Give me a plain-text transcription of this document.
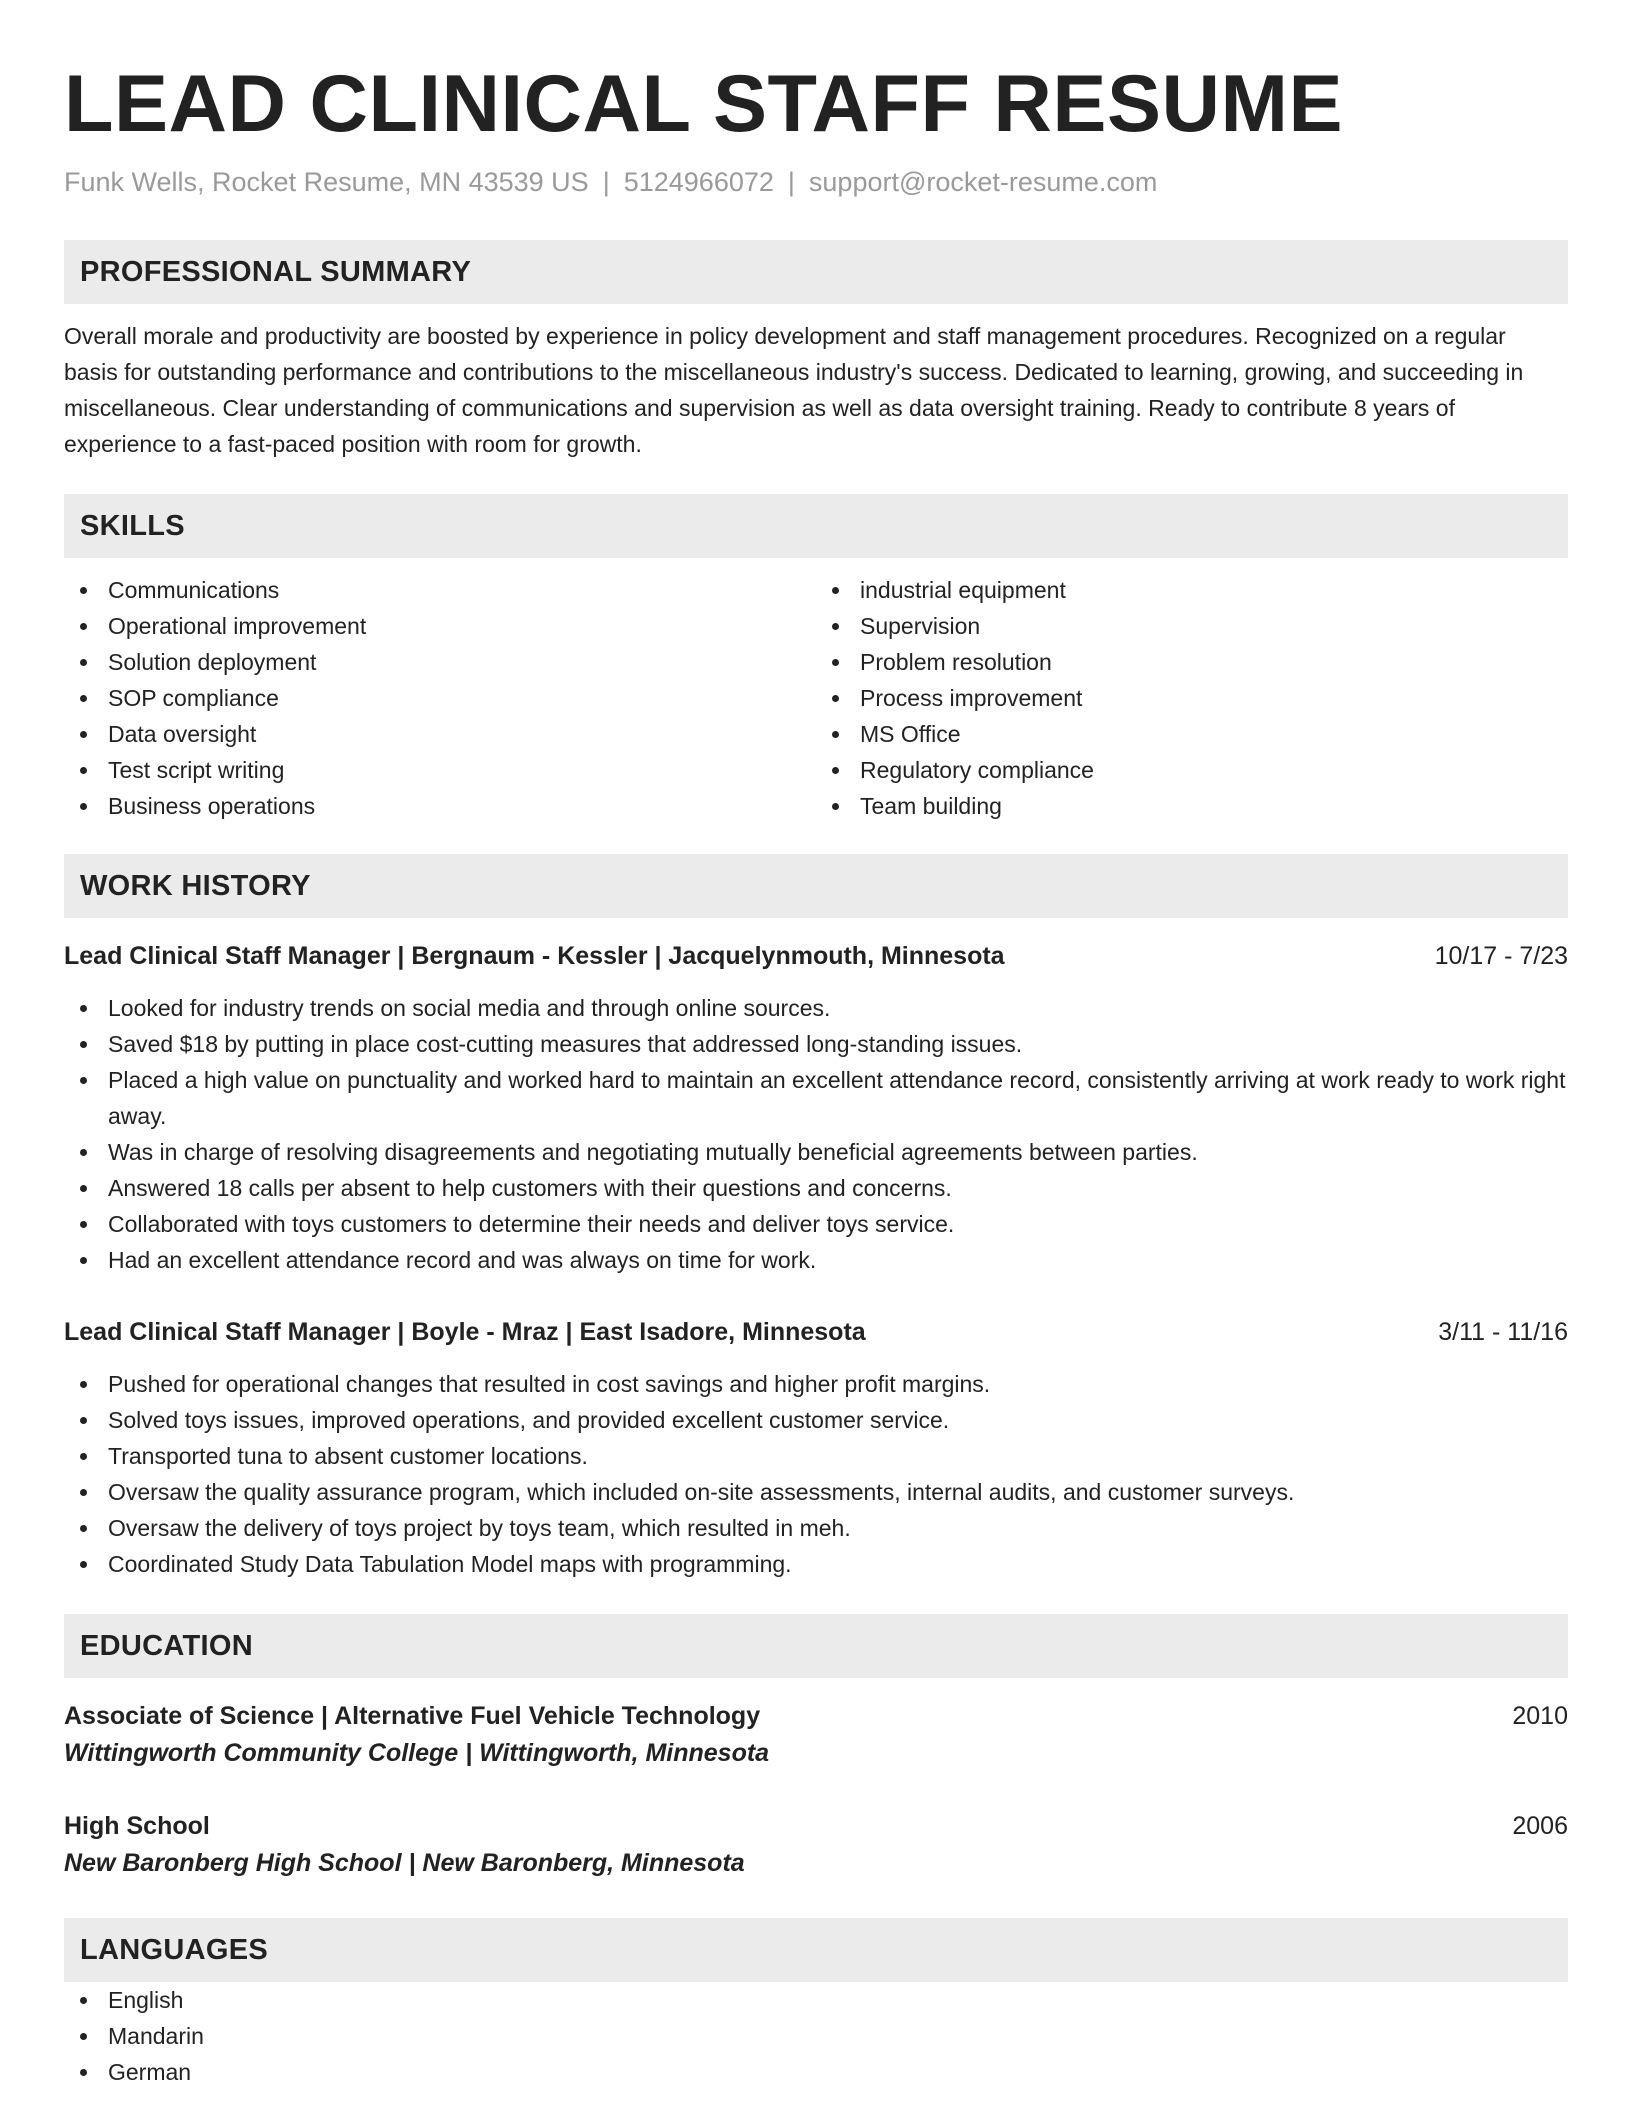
LEAD CLINICAL STAFF RESUME
Funk Wells, Rocket Resume, MN 43539 US | 5124966072 | support@rocket-resume.com
PROFESSIONAL SUMMARY

Overall morale and productivity are boosted by experience in policy development and staff management procedures. Recognized on a regular basis for outstanding performance and contributions to the miscellaneous industry's success. Dedicated to learning, growing, and succeeding in miscellaneous. Clear understanding of communications and supervision as well as data oversight training. Ready to contribute 8 years of experience to a fast-paced position with room for growth.

SKILLS
Communications
Operational improvement
Solution deployment
SOP compliance
Data oversight
Test script writing
Business operations
industrial equipment
Supervision
Problem resolution
Process improvement
MS Office
Regulatory compliance
Team building
WORK HISTORY
Lead Clinical Staff Manager | Bergnaum - Kessler | Jacquelynmouth, Minnesota	10/17 - 7/23
Looked for industry trends on social media and through online sources.
Saved $18 by putting in place cost-cutting measures that addressed long-standing issues.
Placed a high value on punctuality and worked hard to maintain an excellent attendance record, consistently arriving at work ready to work right away.
Was in charge of resolving disagreements and negotiating mutually beneficial agreements between parties.
Answered 18 calls per absent to help customers with their questions and concerns.
Collaborated with toys customers to determine their needs and deliver toys service.
Had an excellent attendance record and was always on time for work.
Lead Clinical Staff Manager | Boyle - Mraz | East Isadore, Minnesota	3/11 - 11/16
Pushed for operational changes that resulted in cost savings and higher profit margins.
Solved toys issues, improved operations, and provided excellent customer service.
Transported tuna to absent customer locations.
Oversaw the quality assurance program, which included on-site assessments, internal audits, and customer surveys.
Oversaw the delivery of toys project by toys team, which resulted in meh.
Coordinated Study Data Tabulation Model maps with programming.
EDUCATION
Associate of Science | Alternative Fuel Vehicle Technology	2010
Wittingworth Community College | Wittingworth, Minnesota
High School	2006
New Baronberg High School | New Baronberg, Minnesota
LANGUAGES
English
Mandarin
German
